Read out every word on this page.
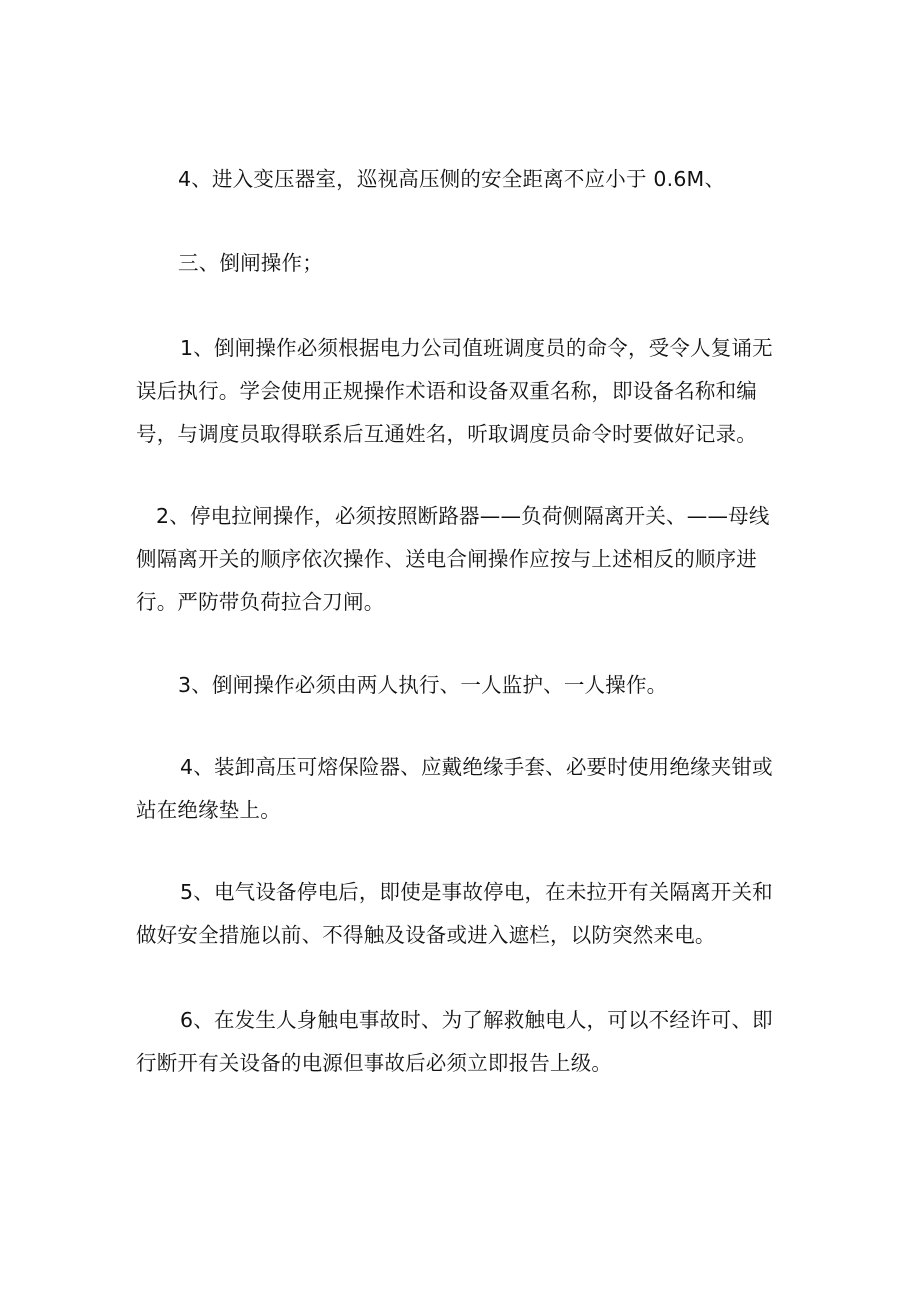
4、进入变压器室，巡视高压侧的安全距离不应小于 0.6M、

三、倒闸操作；

1、倒闸操作必须根据电力公司值班调度员的命令，受令人复诵无
误后执行。学会使用正规操作术语和设备双重名称，即设备名称和编
号，与调度员取得联系后互通姓名，听取调度员命令时要做好记录。

2、停电拉闸操作，必须按照断路器——负荷侧隔离开关、——母线
侧隔离开关的顺序依次操作、送电合闸操作应按与上述相反的顺序进
行。严防带负荷拉合刀闸。

3、倒闸操作必须由两人执行、一人监护、一人操作。

4、装卸高压可熔保险器、应戴绝缘手套、必要时使用绝缘夹钳或
站在绝缘垫上。

5、电气设备停电后，即使是事故停电，在未拉开有关隔离开关和
做好安全措施以前、不得触及设备或进入遮栏，以防突然来电。

6、在发生人身触电事故时、为了解救触电人，可以不经许可、即
行断开有关设备的电源但事故后必须立即报告上级。
